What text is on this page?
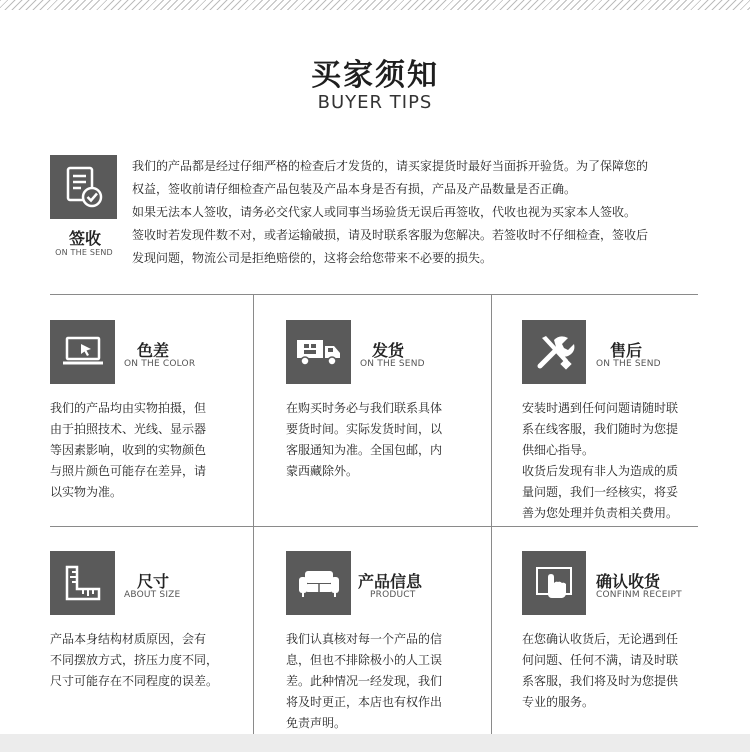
买家须知
BUYER TIPS
签收
ON THE SEND

我们的产品都是经过仔细严格的检查后才发货的，请买家提货时最好当面拆开验货。为了保障您的

权益，签收前请仔细检查产品包装及产品本身是否有损，产品及产品数量是否正确。

如果无法本人签收，请务必交代家人或同事当场验货无误后再签收，代收也视为买家本人签收。

签收时若发现件数不对，或者运输破损，请及时联系客服为您解决。若签收时不仔细检查，签收后

发现问题，物流公司是拒绝赔偿的，这将会给您带来不必要的损失。

色差
ON THE COLOR

我们的产品均由实物拍摄，但

由于拍照技术、光线、显示器

等因素影响，收到的实物颜色

与照片颜色可能存在差异，请

以实物为准。

发货
ON THE SEND

在购买时务必与我们联系具体

要货时间。实际发货时间，以

客服通知为准。全国包邮，内

蒙西藏除外。

售后
ON THE SEND

安装时遇到任何问题请随时联

系在线客服，我们随时为您提

供细心指导。

收货后发现有非人为造成的质

量问题，我们一经核实，将妥

善为您处理并负责相关费用。

尺寸
ABOUT SIZE

产品本身结构材质原因，会有

不同摆放方式，挤压力度不同，

尺寸可能存在不同程度的误差。

产品信息
PRODUCT

我们认真核对每一个产品的信

息，但也不排除极小的人工误

差。此种情况一经发现，我们

将及时更正，本店也有权作出

免责声明。

确认收货
CONFINM RECEIPT

在您确认收货后，无论遇到任

何问题、任何不满，请及时联

系客服，我们将及时为您提供

专业的服务。
